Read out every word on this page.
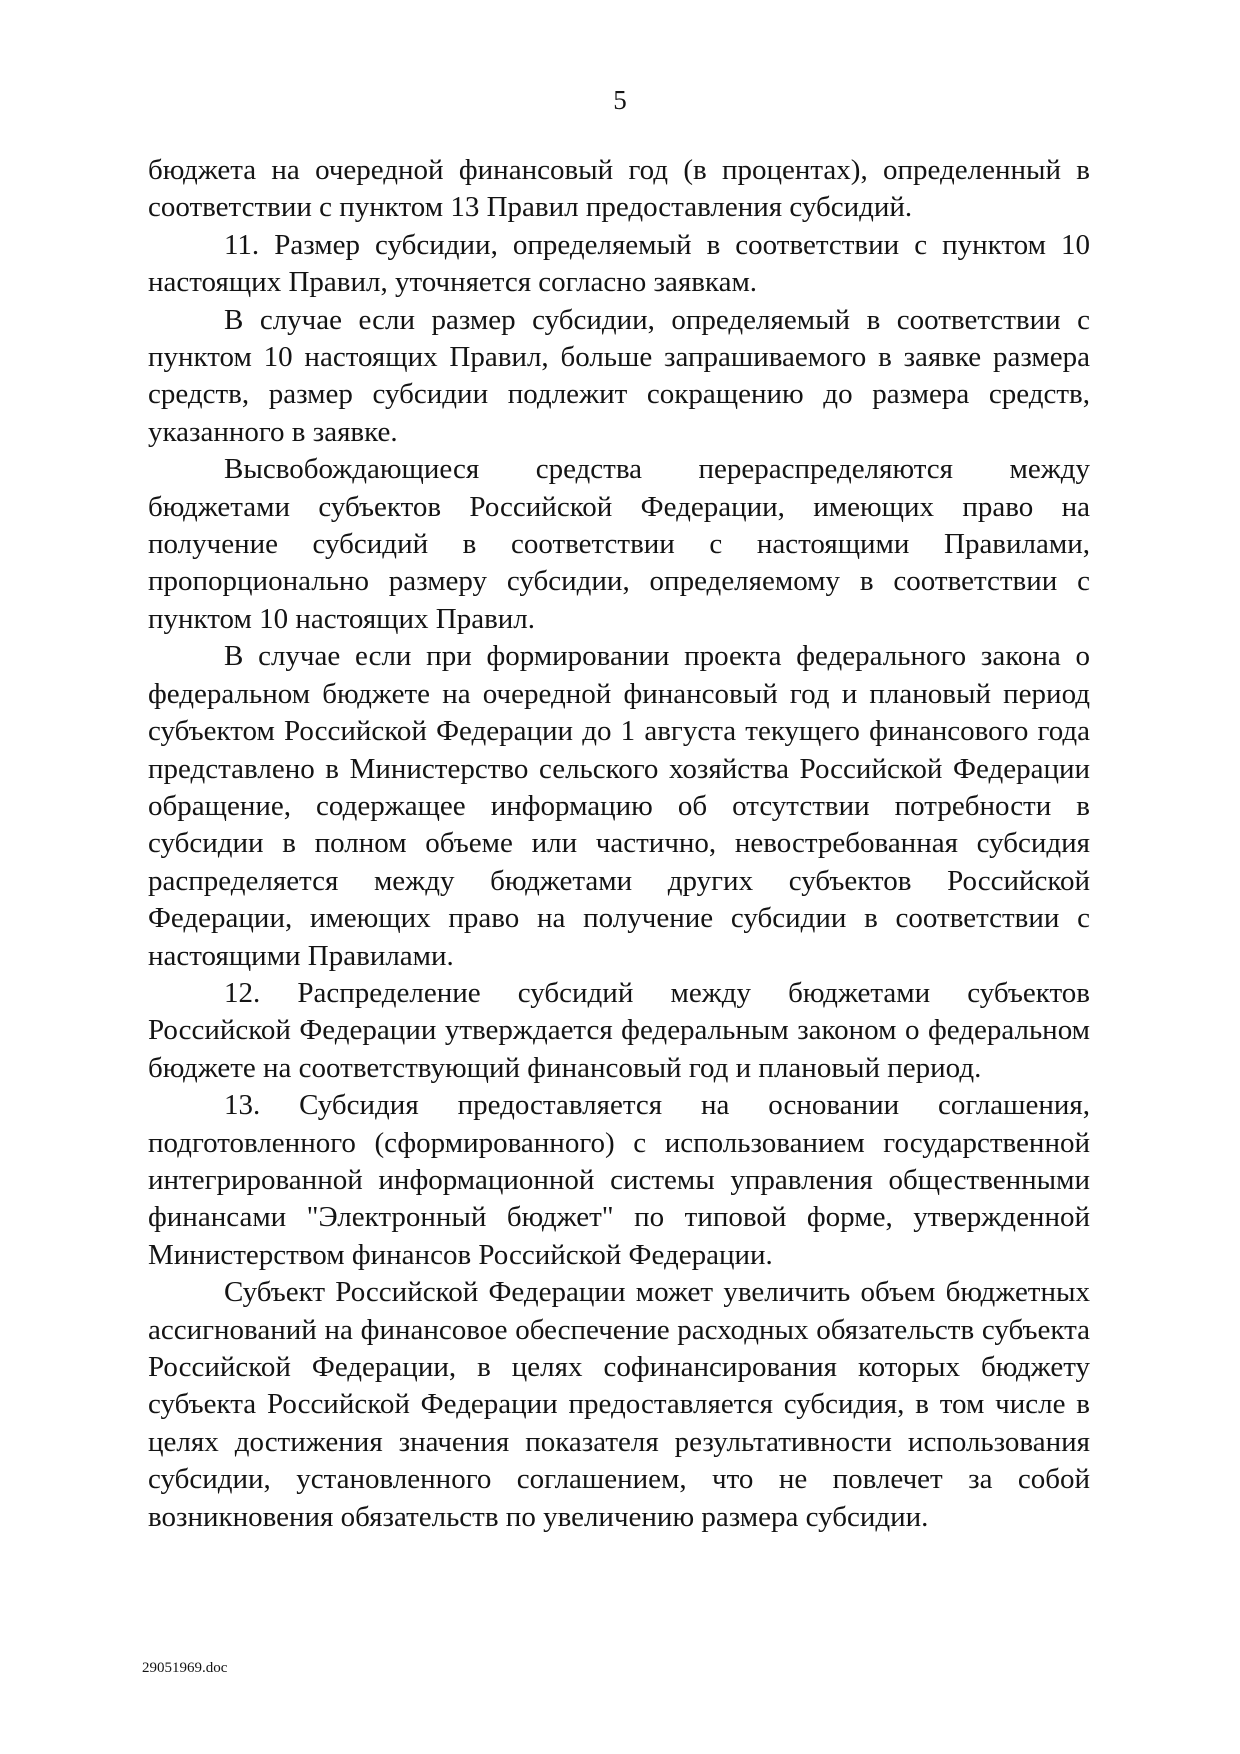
5

бюджета на очередной финансовый год (в процентах), определенный в соответствии с пунктом 13 Правил предоставления субсидий.

11. Размер субсидии, определяемый в соответствии с пунктом 10 настоящих Правил, уточняется согласно заявкам.

В случае если размер субсидии, определяемый в соответствии с пунктом 10 настоящих Правил, больше запрашиваемого в заявке размера средств, размер субсидии подлежит сокращению до размера средств, указанного в заявке.

Высвобождающиеся средства перераспределяются между бюджетами субъектов Российской Федерации, имеющих право на получение субсидий в соответствии с настоящими Правилами, пропорционально размеру субсидии, определяемому в соответствии с пунктом 10 настоящих Правил.

В случае если при формировании проекта федерального закона о федеральном бюджете на очередной финансовый год и плановый период субъектом Российской Федерации до 1 августа текущего финансового года представлено в Министерство сельского хозяйства Российской Федерации обращение, содержащее информацию об отсутствии потребности в субсидии в полном объеме или частично, невостребованная субсидия распределяется между бюджетами других субъектов Российской Федерации, имеющих право на получение субсидии в соответствии с настоящими Правилами.

12. Распределение субсидий между бюджетами субъектов Российской Федерации утверждается федеральным законом о федеральном бюджете на соответствующий финансовый год и плановый период.

13. Субсидия предоставляется на основании соглашения, подготовленного (сформированного) с использованием государственной интегрированной информационной системы управления общественными финансами "Электронный бюджет" по типовой форме, утвержденной Министерством финансов Российской Федерации.

Субъект Российской Федерации может увеличить объем бюджетных ассигнований на финансовое обеспечение расходных обязательств субъекта Российской Федерации, в целях софинансирования которых бюджету субъекта Российской Федерации предоставляется субсидия, в том числе в целях достижения значения показателя результативности использования субсидии, установленного соглашением, что не повлечет за собой возникновения обязательств по увеличению размера субсидии.

29051969.doc
